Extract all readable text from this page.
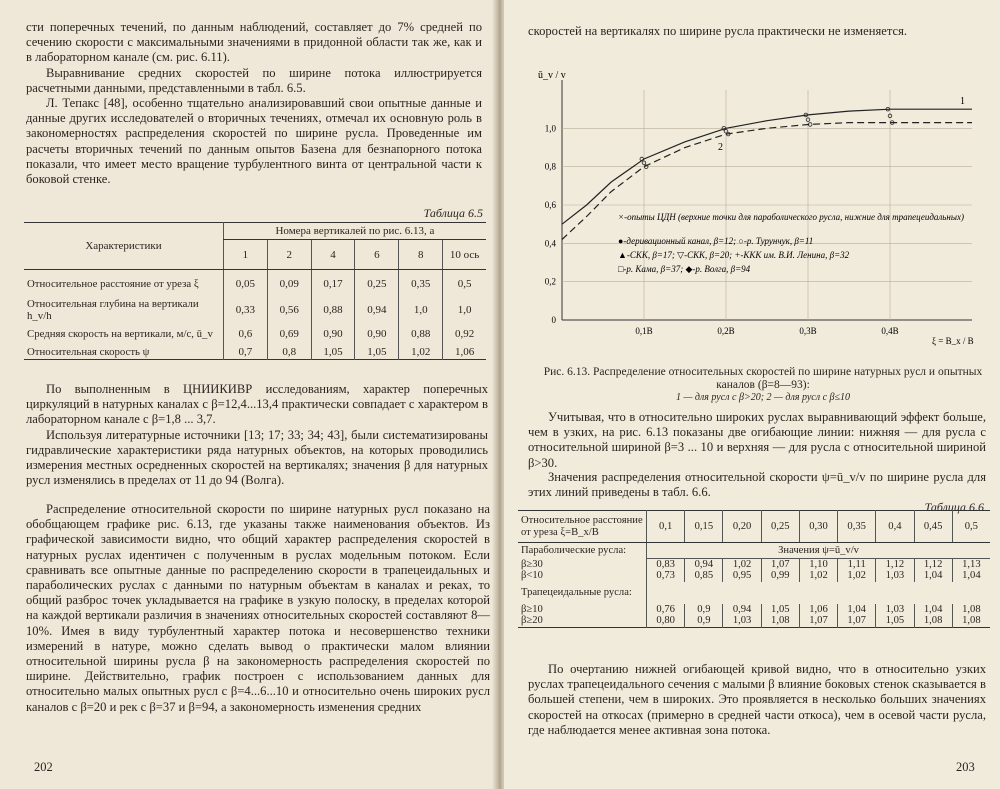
сти поперечных течений, по данным наблюдений, составляет до 7% средней по сечению скорости с максимальными значениями в придонной области так же, как и в лабораторном канале (см. рис. 6.11).

Выравнивание средних скоростей по ширине потока иллюстрируется расчетными данными, представленными в табл. 6.5.

Л. Тепакс [48], особенно тщательно анализировавший свои опытные данные и данные других исследователей о вторичных течениях, отмечал их основную роль в закономерностях распределения скоростей по ширине русла. Проведенные им расчеты вторичных течений по данным опытов Базена для безнапорного потока показали, что имеет место вращение турбулентного винта от центральной части к боковой стенке.

Таблица 6.5
Характеристики	Номера вертикалей по рис. 6.13, а					
	1	2	4	6	8	10 ось
Относительное расстояние от уреза ξ	0,05	0,09	0,17	0,25	0,35	0,5
Относительная глубина на вертикали h_v/h	0,33	0,56	0,88	0,94	1,0	1,0
Средняя скорость на вертикали, м/с, ū_v	0,6	0,69	0,90	0,90	0,88	0,92
Относительная скорость ψ	0,7	0,8	1,05	1,05	1,02	1,06

По выполненным в ЦНИИКИВР исследованиям, характер поперечных циркуляций в натурных каналах с β=12,4...13,4 практически совпадает с характером в лабораторном канале с β=1,8 ... 3,7.

Используя литературные источники [13; 17; 33; 34; 43], были систематизированы гидравлические характеристики ряда натурных объектов, на которых проводились измерения местных осредненных скоростей на вертикалях; значения β для натурных русл изменялись в пределах от 11 до 94 (Волга).

Распределение относительной скорости по ширине натурных русл показано на обобщающем графике рис. 6.13, где указаны также наименования объектов. Из графической зависимости видно, что общий характер распределения скоростей в натурных руслах идентичен с полученным в руслах модельным потоком. Если сравнивать все опытные данные по распределению скорости в трапецеидальных и параболических руслах с данными по натурным объектам в каналах и реках, то общий разброс точек укладывается на графике в узкую полоску, в пределах которой на каждой вертикали различия в значениях относительных скоростей составляют 8—10%. Имея в виду турбулентный характер потока и несовершенство техники измерений в натуре, можно сделать вывод о практически малом влиянии относительной ширины русла β на закономерность распределения скоростей по ширине. Действительно, график построен с использованием данных для относительно малых опытных русл с β=4...6...10 и относительно очень широких русл каналов с β=20 и рек с β=37 и β=94, а закономерность изменения средних

202

скоростей на вертикалях по ширине русла практически не изменяется.

0
0,2
0,4
0,6
0,8
1,0
0,1В	0,2В	0,3В	0,4В
ū_v / v
ξ = B_x / B
1
2
×-опыты ЦДН (верхние точки для параболического русла, нижние для трапецеидальных)
●-деривационный канал, β=12; ○-р. Турунчук, β=11
▲-СКК, β=17; ▽-СКК, β=20; +-ККК им. В.И. Ленина, β=32
□-р. Кама, β=37; ◆-р. Волга, β=94
Рис. 6.13. Распределение относительных скоростей по ширине натурных русл и опытных каналов (β=8—93):
1 — для русл с β>20; 2 — для русл с β≤10

Учитывая, что в относительно широких руслах выравнивающий эффект больше, чем в узких, на рис. 6.13 показаны две огибающие линии: нижняя — для русла с относительной шириной β=3 ... 10 и верхняя — для русла с относительной шириной β>30.

Значения распределения относительной скорости ψ=ū_v/v по ширине русла для этих линий приведены в табл. 6.6.

Таблица 6.6
Относительное расстояние от уреза ξ=B_x/B	0,1	0,15	0,20	0,25	0,30	0,35	0,4	0,45	0,5
Параболические русла:	Значения ψ=ū_v/v								
β≥30	0,83	0,94	1,02	1,07	1,10	1,11	1,12	1,12	1,13
β<10	0,73	0,85	0,95	0,99	1,02	1,02	1,03	1,04	1,04
Трапецеидальные русла:									
β≥10	0,76	0,9	0,94	1,05	1,06	1,04	1,03	1,04	1,08
β≥20	0,80	0,9	1,03	1,08	1,07	1,07	1,05	1,08	1,08

По очертанию нижней огибающей кривой видно, что в относительно узких руслах трапецеидального сечения с малыми β влияние боковых стенок сказывается в большей степени, чем в широких. Это проявляется в несколько больших значениях скоростей на откосах (примерно в средней части откоса), чем в осевой части русла, где наблюдается менее активная зона потока.

203
